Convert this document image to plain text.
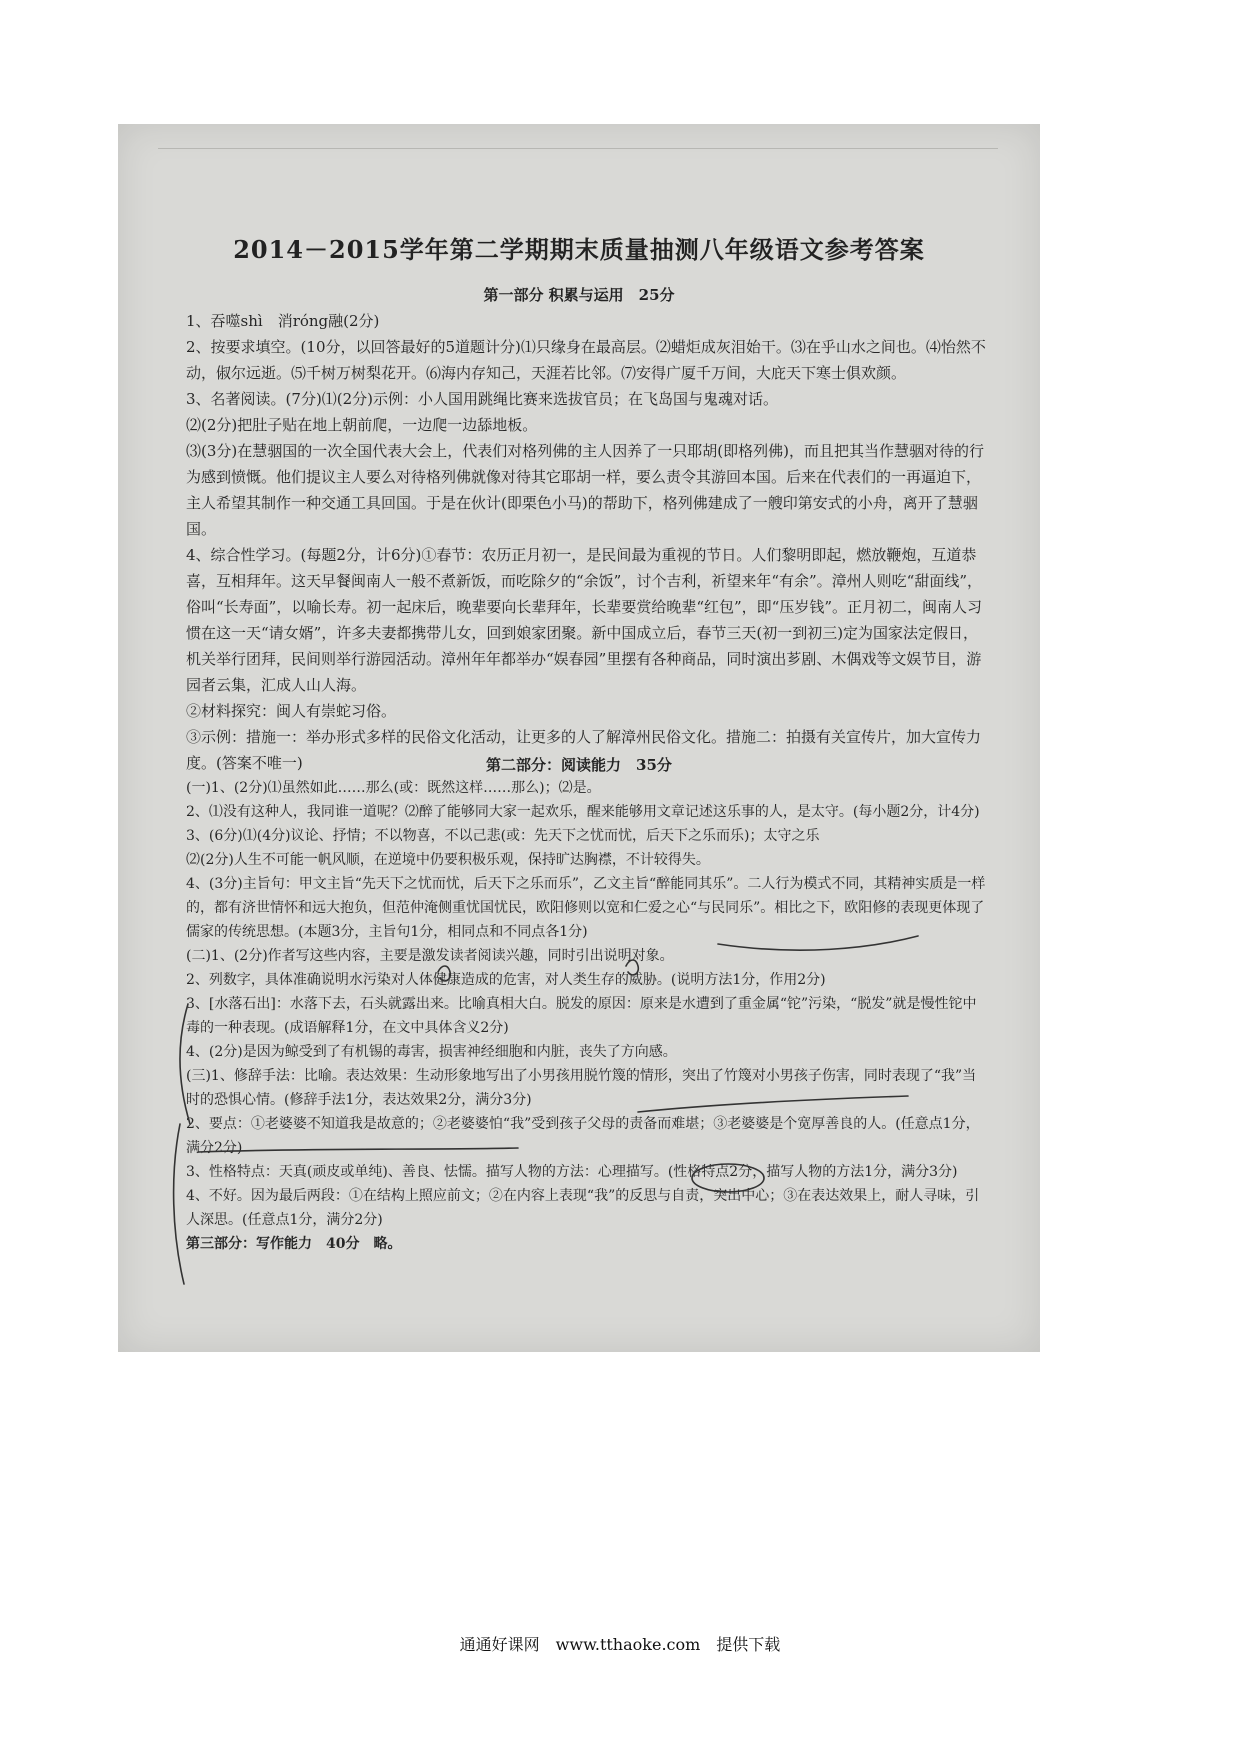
2014－2015学年第二学期期末质量抽测八年级语文参考答案
第一部分 积累与运用　25分

1、吞噬shì　消róng融(2分)

2、按要求填空。(10分，以回答最好的5道题计分)⑴只缘身在最高层。⑵蜡炬成灰泪始干。⑶在乎山水之间也。⑷怡然不动，俶尔远逝。⑸千树万树梨花开。⑹海内存知己，天涯若比邻。⑺安得广厦千万间，大庇天下寒士俱欢颜。

3、名著阅读。(7分)⑴(2分)示例：小人国用跳绳比赛来选拔官员；在飞岛国与鬼魂对话。

⑵(2分)把肚子贴在地上朝前爬，一边爬一边舔地板。

⑶(3分)在慧骃国的一次全国代表大会上，代表们对格列佛的主人因养了一只耶胡(即格列佛)，而且把其当作慧骃对待的行为感到愤慨。他们提议主人要么对待格列佛就像对待其它耶胡一样，要么责令其游回本国。后来在代表们的一再逼迫下，主人希望其制作一种交通工具回国。于是在伙计(即栗色小马)的帮助下，格列佛建成了一艘印第安式的小舟，离开了慧骃国。

4、综合性学习。(每题2分，计6分)①春节：农历正月初一，是民间最为重视的节日。人们黎明即起，燃放鞭炮，互道恭喜，互相拜年。这天早餐闽南人一般不煮新饭，而吃除夕的“余饭”，讨个吉利，祈望来年“有余”。漳州人则吃“甜面线”，俗叫“长寿面”，以喻长寿。初一起床后，晚辈要向长辈拜年，长辈要赏给晚辈“红包”，即“压岁钱”。正月初二，闽南人习惯在这一天“请女婿”，许多夫妻都携带儿女，回到娘家团聚。新中国成立后，春节三天(初一到初三)定为国家法定假日，机关举行团拜，民间则举行游园活动。漳州年年都举办“娱春园”里摆有各种商品，同时演出芗剧、木偶戏等文娱节目，游园者云集，汇成人山人海。

②材料探究：闽人有崇蛇习俗。

③示例：措施一：举办形式多样的民俗文化活动，让更多的人了解漳州民俗文化。措施二：拍摄有关宣传片，加大宣传力度。(答案不唯一)	第二部分：阅读能力　35分

(一)1、(2分)⑴虽然如此……那么(或：既然这样……那么)；⑵是。

2、⑴没有这种人，我同谁一道呢？⑵醉了能够同大家一起欢乐，醒来能够用文章记述这乐事的人，是太守。(每小题2分，计4分)

3、(6分)⑴(4分)议论、抒情；不以物喜，不以己悲(或：先天下之忧而忧，后天下之乐而乐)；太守之乐

⑵(2分)人生不可能一帆风顺，在逆境中仍要积极乐观，保持旷达胸襟，不计较得失。

4、(3分)主旨句：甲文主旨“先天下之忧而忧，后天下之乐而乐”，乙文主旨“醉能同其乐”。二人行为模式不同，其精神实质是一样的，都有济世情怀和远大抱负，但范仲淹侧重忧国忧民，欧阳修则以宽和仁爱之心“与民同乐”。相比之下，欧阳修的表现更体现了儒家的传统思想。(本题3分，主旨句1分，相同点和不同点各1分)

(二)1、(2分)作者写这些内容，主要是激发读者阅读兴趣，同时引出说明对象。

2、列数字，具体准确说明水污染对人体健康造成的危害，对人类生存的威胁。(说明方法1分，作用2分)

3、[水落石出]：水落下去，石头就露出来。比喻真相大白。脱发的原因：原来是水遭到了重金属“铊”污染，“脱发”就是慢性铊中毒的一种表现。(成语解释1分，在文中具体含义2分)

4、(2分)是因为鲸受到了有机锡的毒害，损害神经细胞和内脏，丧失了方向感。

(三)1、修辞手法：比喻。表达效果：生动形象地写出了小男孩用脱竹篾的情形，突出了竹篾对小男孩子伤害，同时表现了“我”当时的恐惧心情。(修辞手法1分，表达效果2分，满分3分)

2、要点：①老婆婆不知道我是故意的；②老婆婆怕“我”受到孩子父母的责备而难堪；③老婆婆是个宽厚善良的人。(任意点1分，满分2分)

3、性格特点：天真(顽皮或单纯)、善良、怯懦。描写人物的方法：心理描写。(性格特点2分，描写人物的方法1分，满分3分)

4、不好。因为最后两段：①在结构上照应前文；②在内容上表现“我”的反思与自责，突出中心；③在表达效果上，耐人寻味，引人深思。(任意点1分，满分2分)

第三部分：写作能力　40分　略。

通通好课网　www.tthaoke.com　提供下载
